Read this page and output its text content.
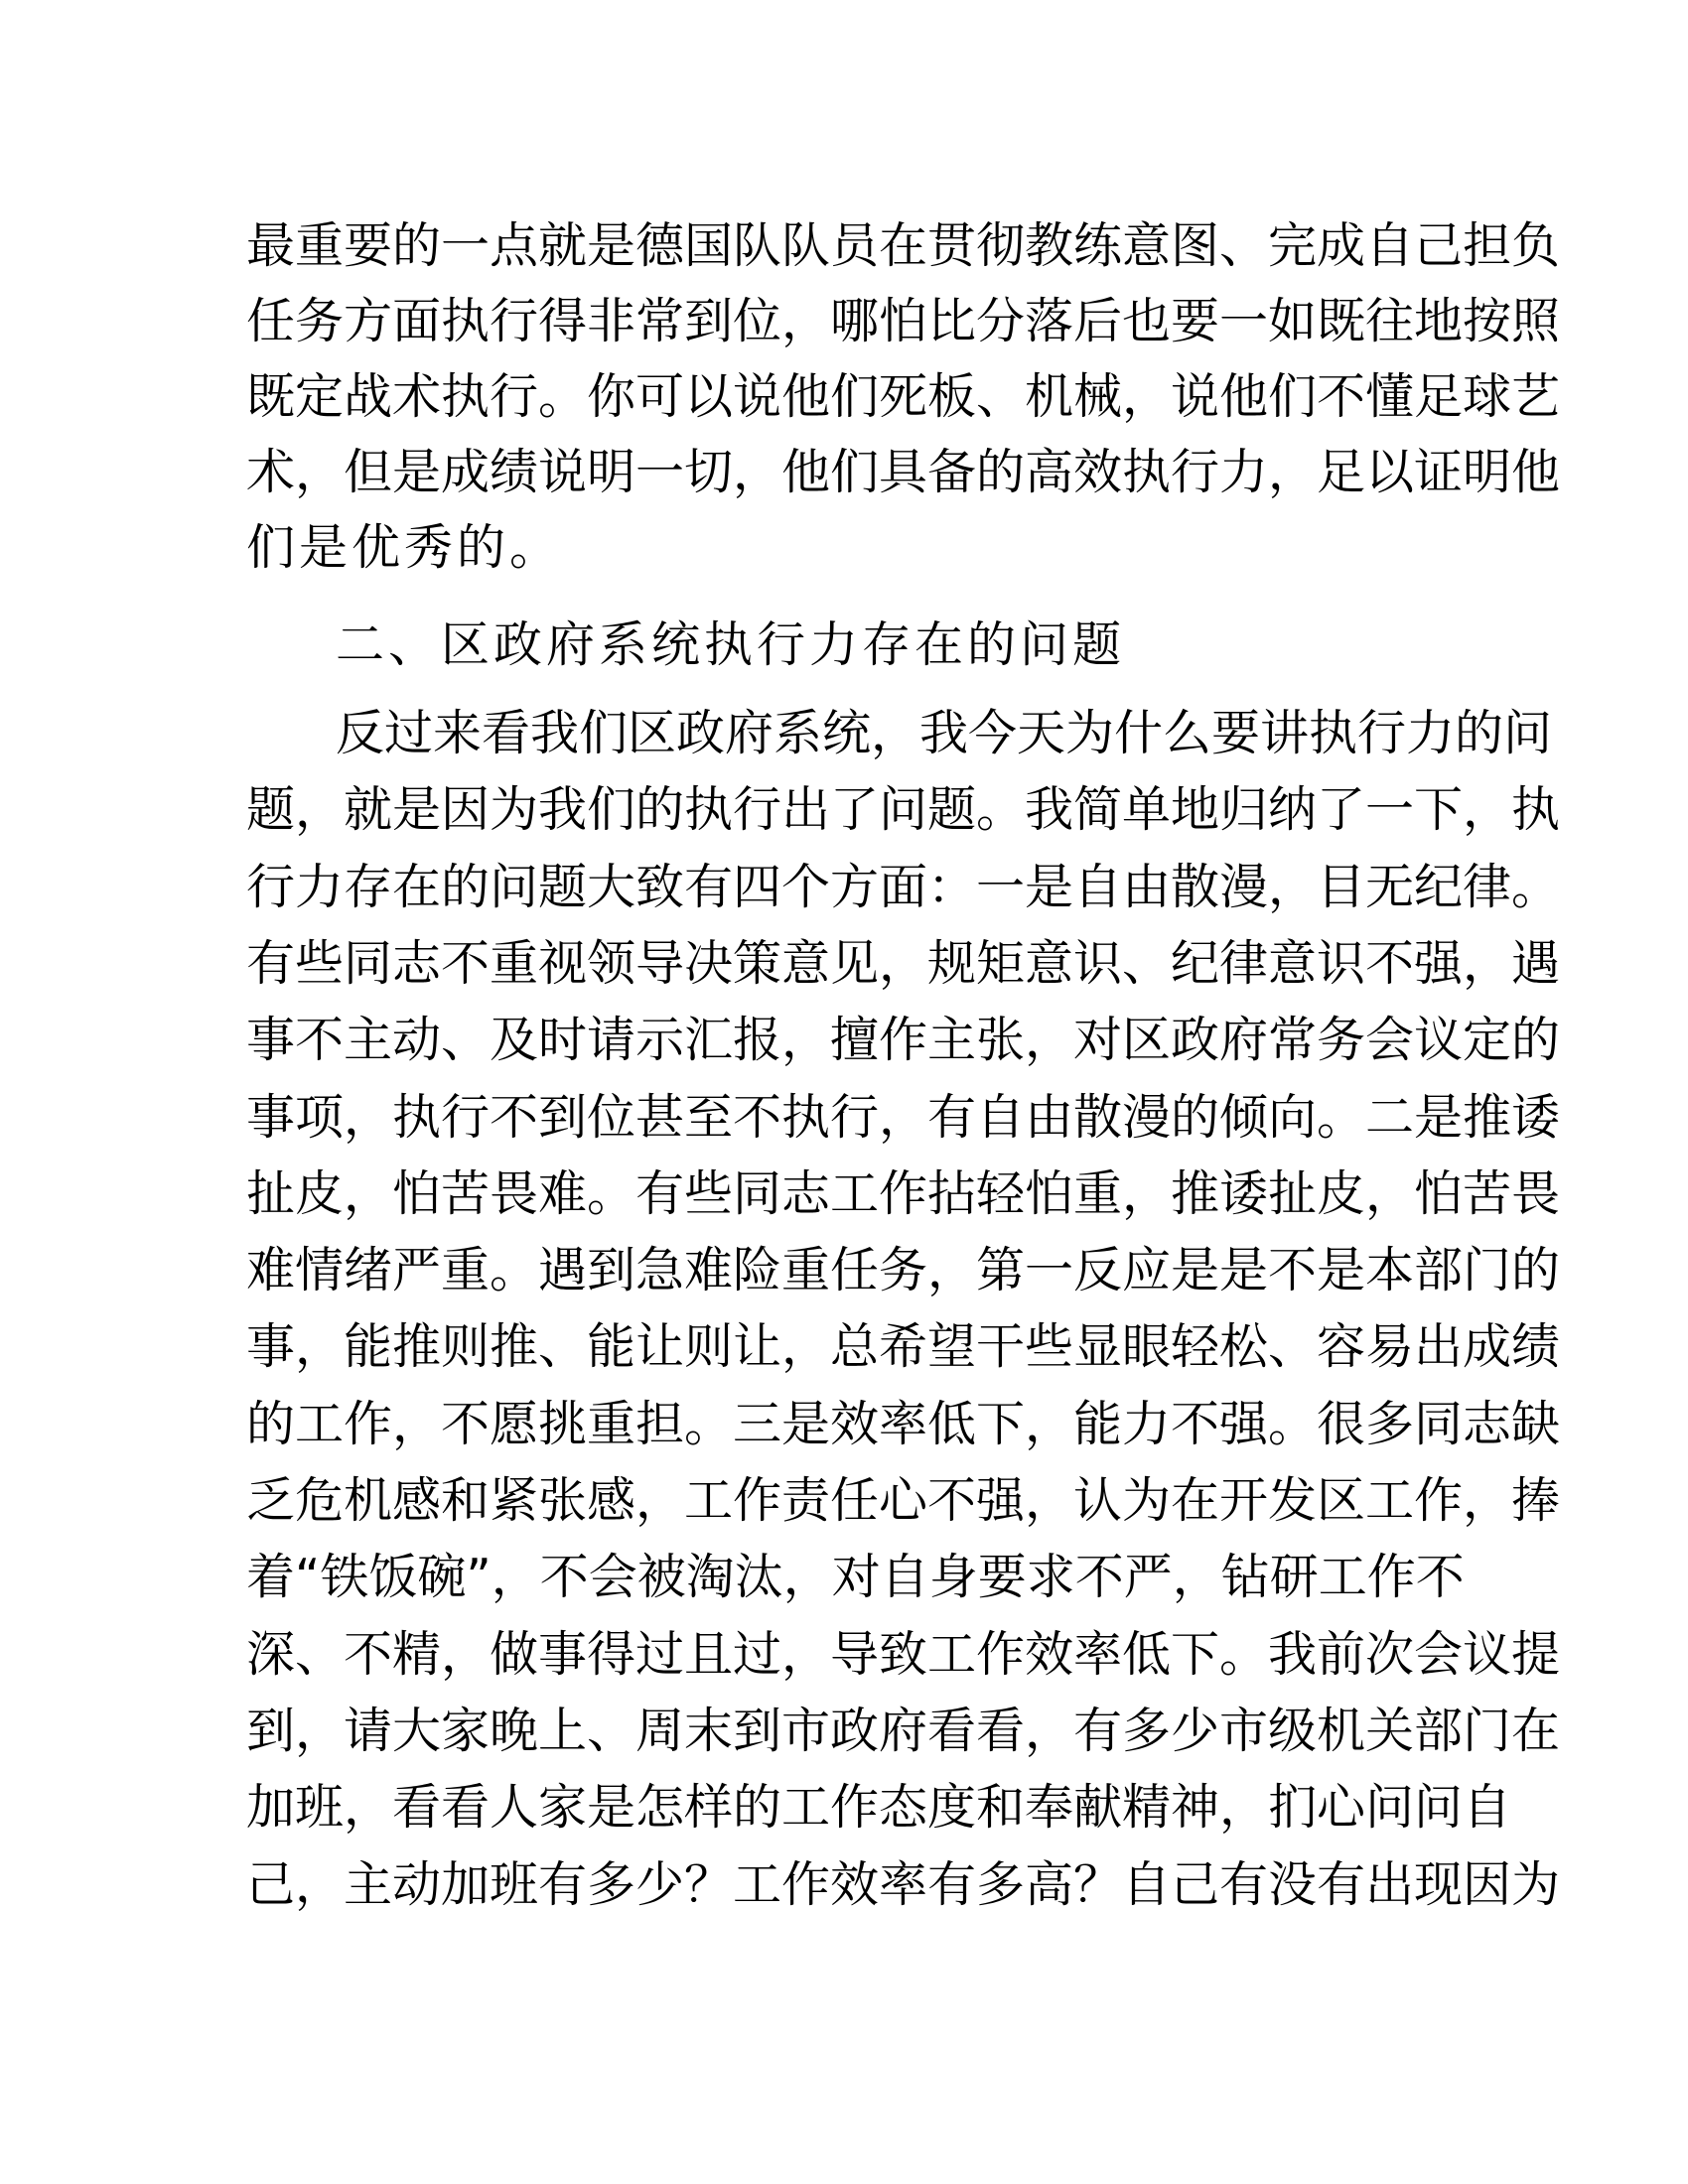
最重要的一点就是德国队队员在贯彻教练意图、完成自己担负
任务方面执行得非常到位，哪怕比分落后也要一如既往地按照
既定战术执行。你可以说他们死板、机械，说他们不懂足球艺
术，但是成绩说明一切，他们具备的高效执行力，足以证明他
们是优秀的。
二、区政府系统执行力存在的问题
反过来看我们区政府系统，我今天为什么要讲执行力的问
题，就是因为我们的执行出了问题。我简单地归纳了一下，执
行力存在的问题大致有四个方面：一是自由散漫，目无纪律。
有些同志不重视领导决策意见，规矩意识、纪律意识不强，遇
事不主动、及时请示汇报，擅作主张，对区政府常务会议定的
事项，执行不到位甚至不执行，有自由散漫的倾向。二是推诿
扯皮，怕苦畏难。有些同志工作拈轻怕重，推诿扯皮，怕苦畏
难情绪严重。遇到急难险重任务，第一反应是是不是本部门的
事，能推则推、能让则让，总希望干些显眼轻松、容易出成绩
的工作，不愿挑重担。三是效率低下，能力不强。很多同志缺
乏危机感和紧张感，工作责任心不强，认为在开发区工作，捧
着“铁饭碗”，不会被淘汰，对自身要求不严，钻研工作不
深、不精，做事得过且过，导致工作效率低下。我前次会议提
到，请大家晚上、周末到市政府看看，有多少市级机关部门在
加班，看看人家是怎样的工作态度和奉献精神，扪心问问自
己，主动加班有多少？工作效率有多高？自己有没有出现因为
